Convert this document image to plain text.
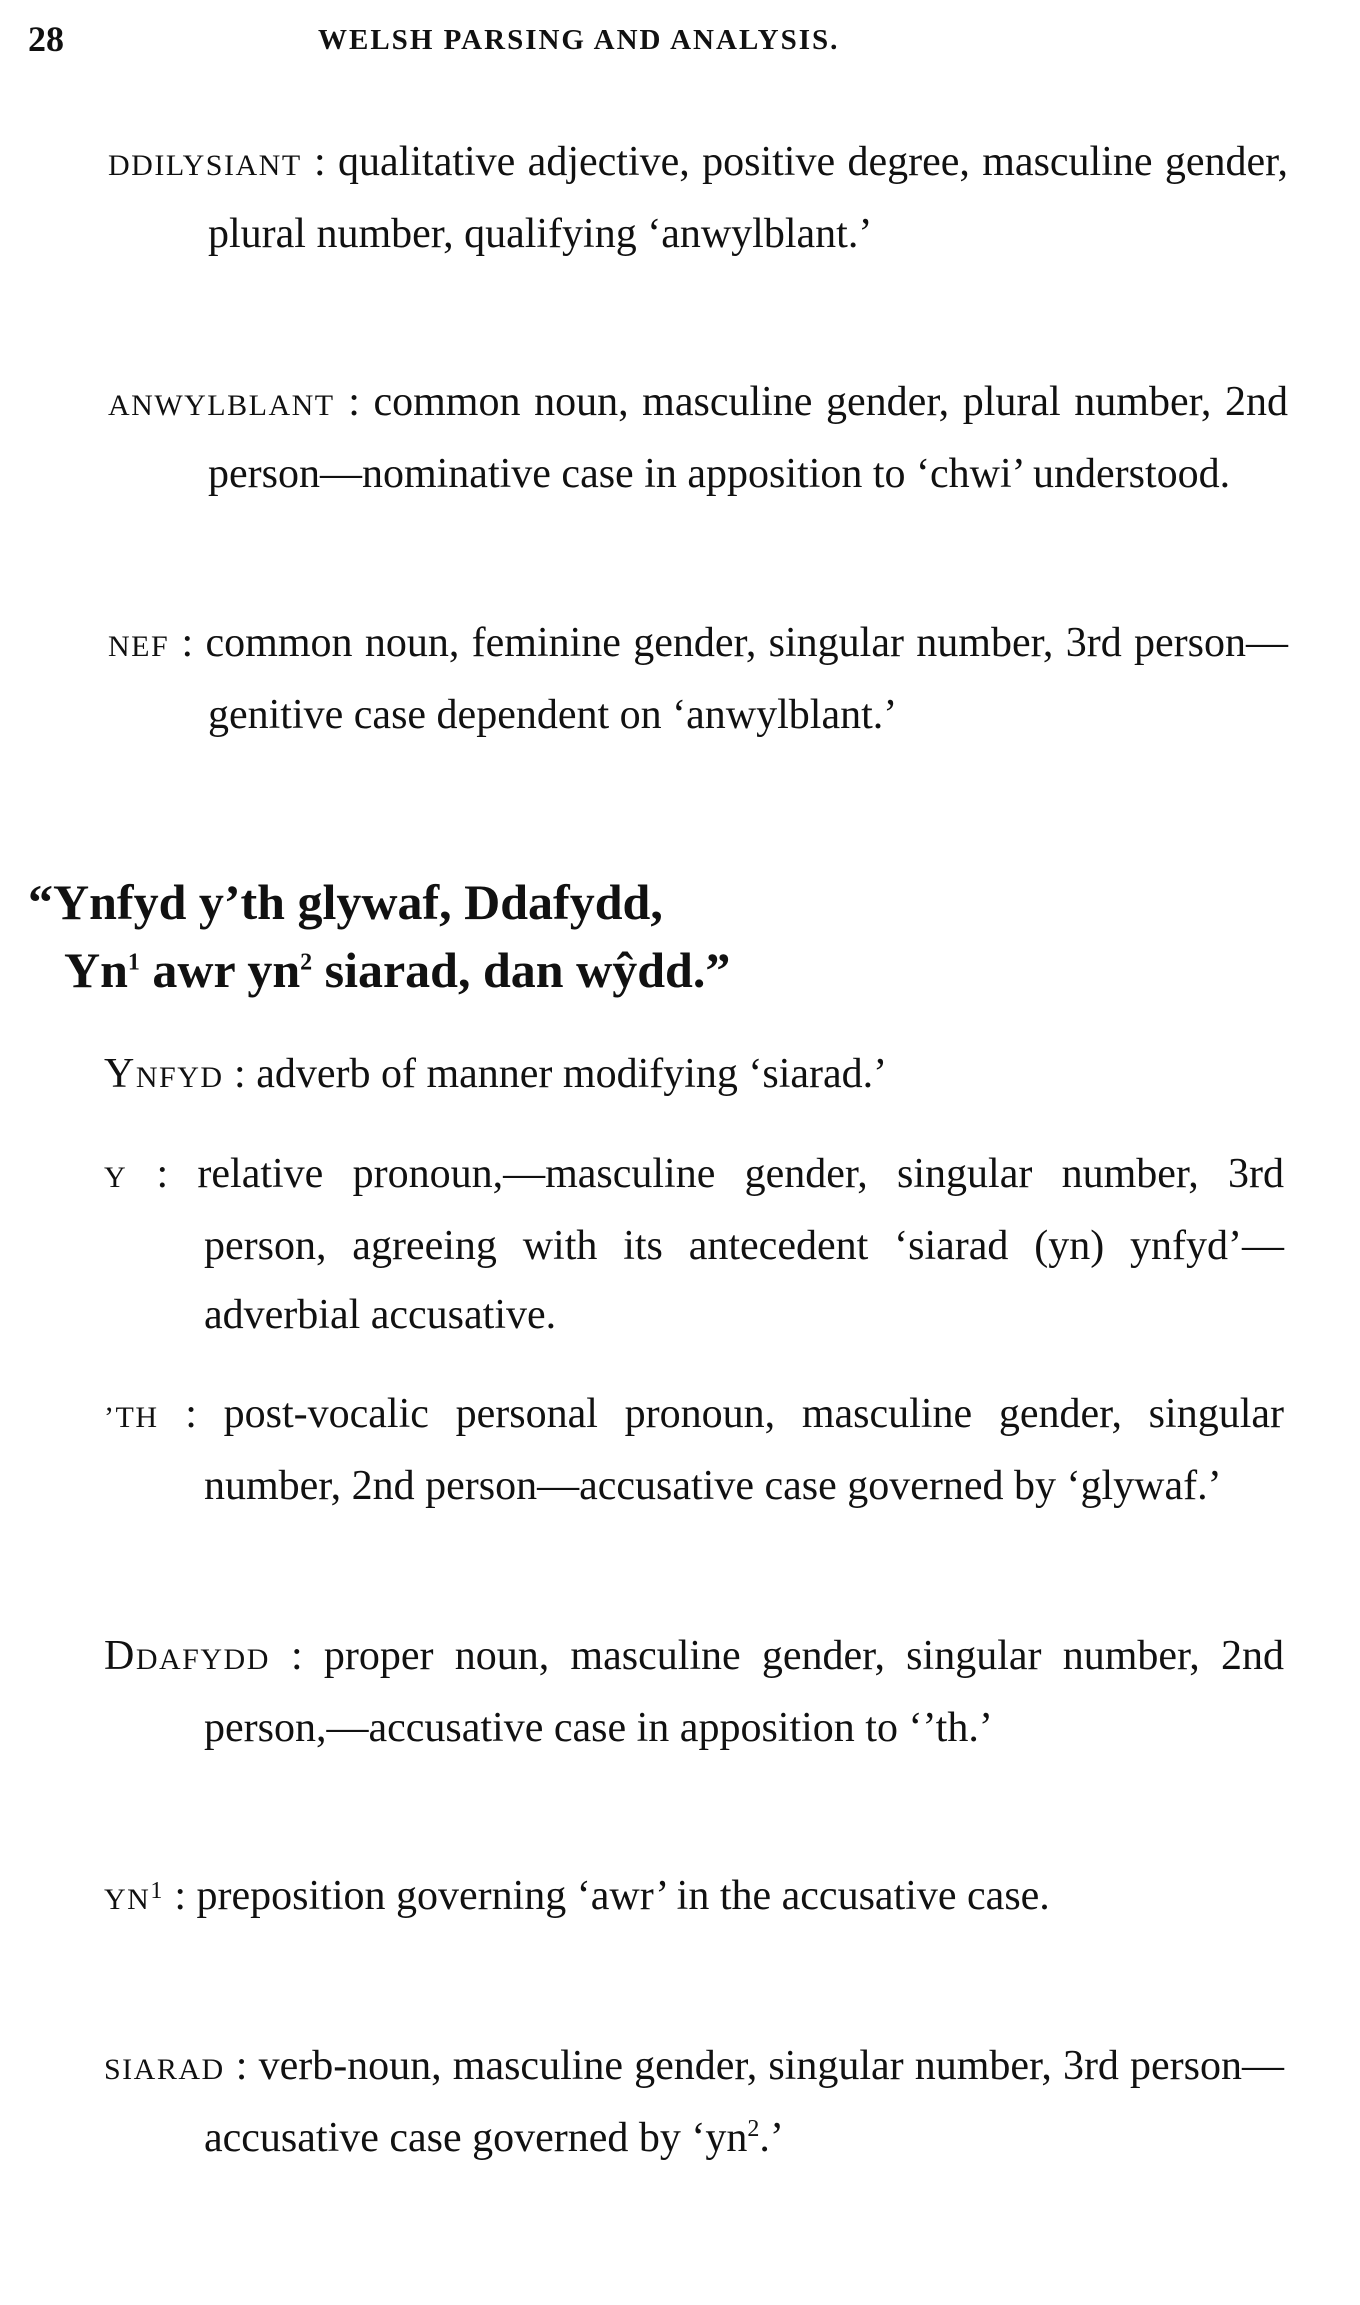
28	WELSH PARSING AND ANALYSIS.
DDILYSIANT : qualitative adjective, positive degree, masculine gender, plural number, qualifying ‘anwylblant.’
ANWYLBLANT : common noun, masculine gender, plural number, 2nd person—nominative case in apposition to ‘chwi’ understood.
NEF : common noun, feminine gender, singular number, 3rd person—genitive case dependent on ‘anwylblant.’
“Ynfyd y’th glywaf, Ddafydd,
Yn$^1$ awr $yn^2$ siarad, dan wŷdd.”
YNFYD : adverb of manner modifying ‘siarad.’
Y : relative pronoun,—masculine gender, singular number, 3rd person, agreeing with its antecedent ‘siarad (yn) ynfyd’—adverbial accusative.
’TH : post-vocalic personal pronoun, masculine gender, singular number, 2nd person—accusative case governed by ‘glywaf.’
DDAFYDD : proper noun, masculine gender, singular number, 2nd person,—accusative case in apposition to ‘’th.’
$YN^1$ : preposition governing ‘awr’ in the accusative case.
SIARAD : verb-noun, masculine gender, singular number, 3rd person—accusative case governed by ‘$yn^2$.’
